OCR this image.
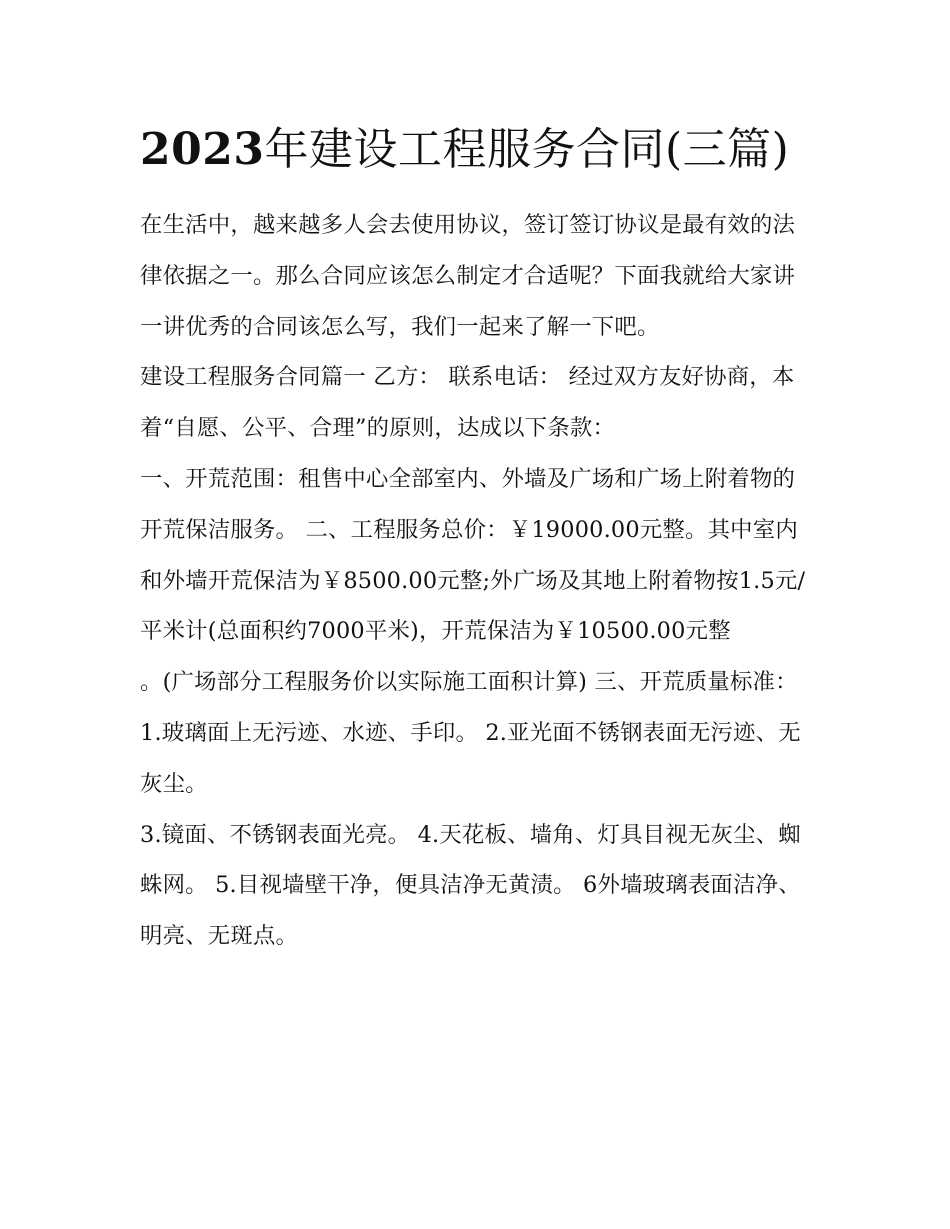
2023年建设工程服务合同(三篇)

在生活中，越来越多人会去使用协议，签订签订协议是最有效的法律依据之一。那么合同应该怎么制定才合适呢？下面我就给大家讲一讲优秀的合同该怎么写，我们一起来了解一下吧。

建设工程服务合同篇一 乙方： 联系电话： 经过双方友好协商，本着“自愿、公平、合理”的原则，达成以下条款：

一、开荒范围：租售中心全部室内、外墙及广场和广场上附着物的开荒保洁服务。 二、工程服务总价：￥19000.00元整。其中室内和外墙开荒保洁为￥8500.00元整;外广场及其地上附着物按1.5元/平米计(总面积约7000平米)，开荒保洁为￥10500.00元整

。(广场部分工程服务价以实际施工面积计算) 三、开荒质量标准： 1.玻璃面上无污迹、水迹、手印。 2.亚光面不锈钢表面无污迹、无灰尘。

3.镜面、不锈钢表面光亮。 4.天花板、墙角、灯具目视无灰尘、蜘蛛网。 5.目视墙壁干净，便具洁净无黄渍。 6外墙玻璃表面洁净、明亮、无斑点。
